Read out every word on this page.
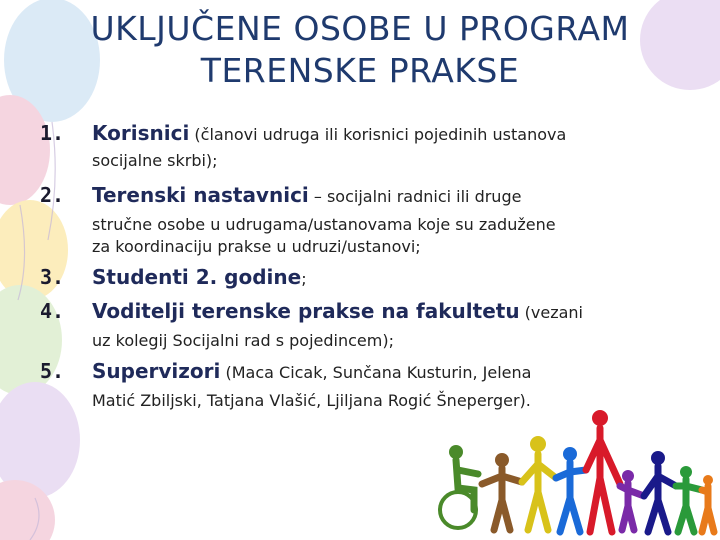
UKLJUČENE OSOBE U PROGRAM
TERENSKE PRAKSE
1.	Korisnici (članovi udruga ili korisnici pojedinih ustanova
socijalne skrbi);
2.	Terenski nastavnici – socijalni radnici ili druge
stručne osobe u udrugama/ustanovama koje su zadužene
za koordinaciju prakse u udruzi/ustanovi;
3.	Studenti 2. godine;
4.	Voditelji terenske prakse na fakultetu (vezani
uz kolegij Socijalni rad s pojedincem);
5.	Supervizori (Maca Cicak, Sunčana Kusturin, Jelena
Matić Zbiljski, Tatjana Vlašić, Ljiljana Rogić Šneperger).
